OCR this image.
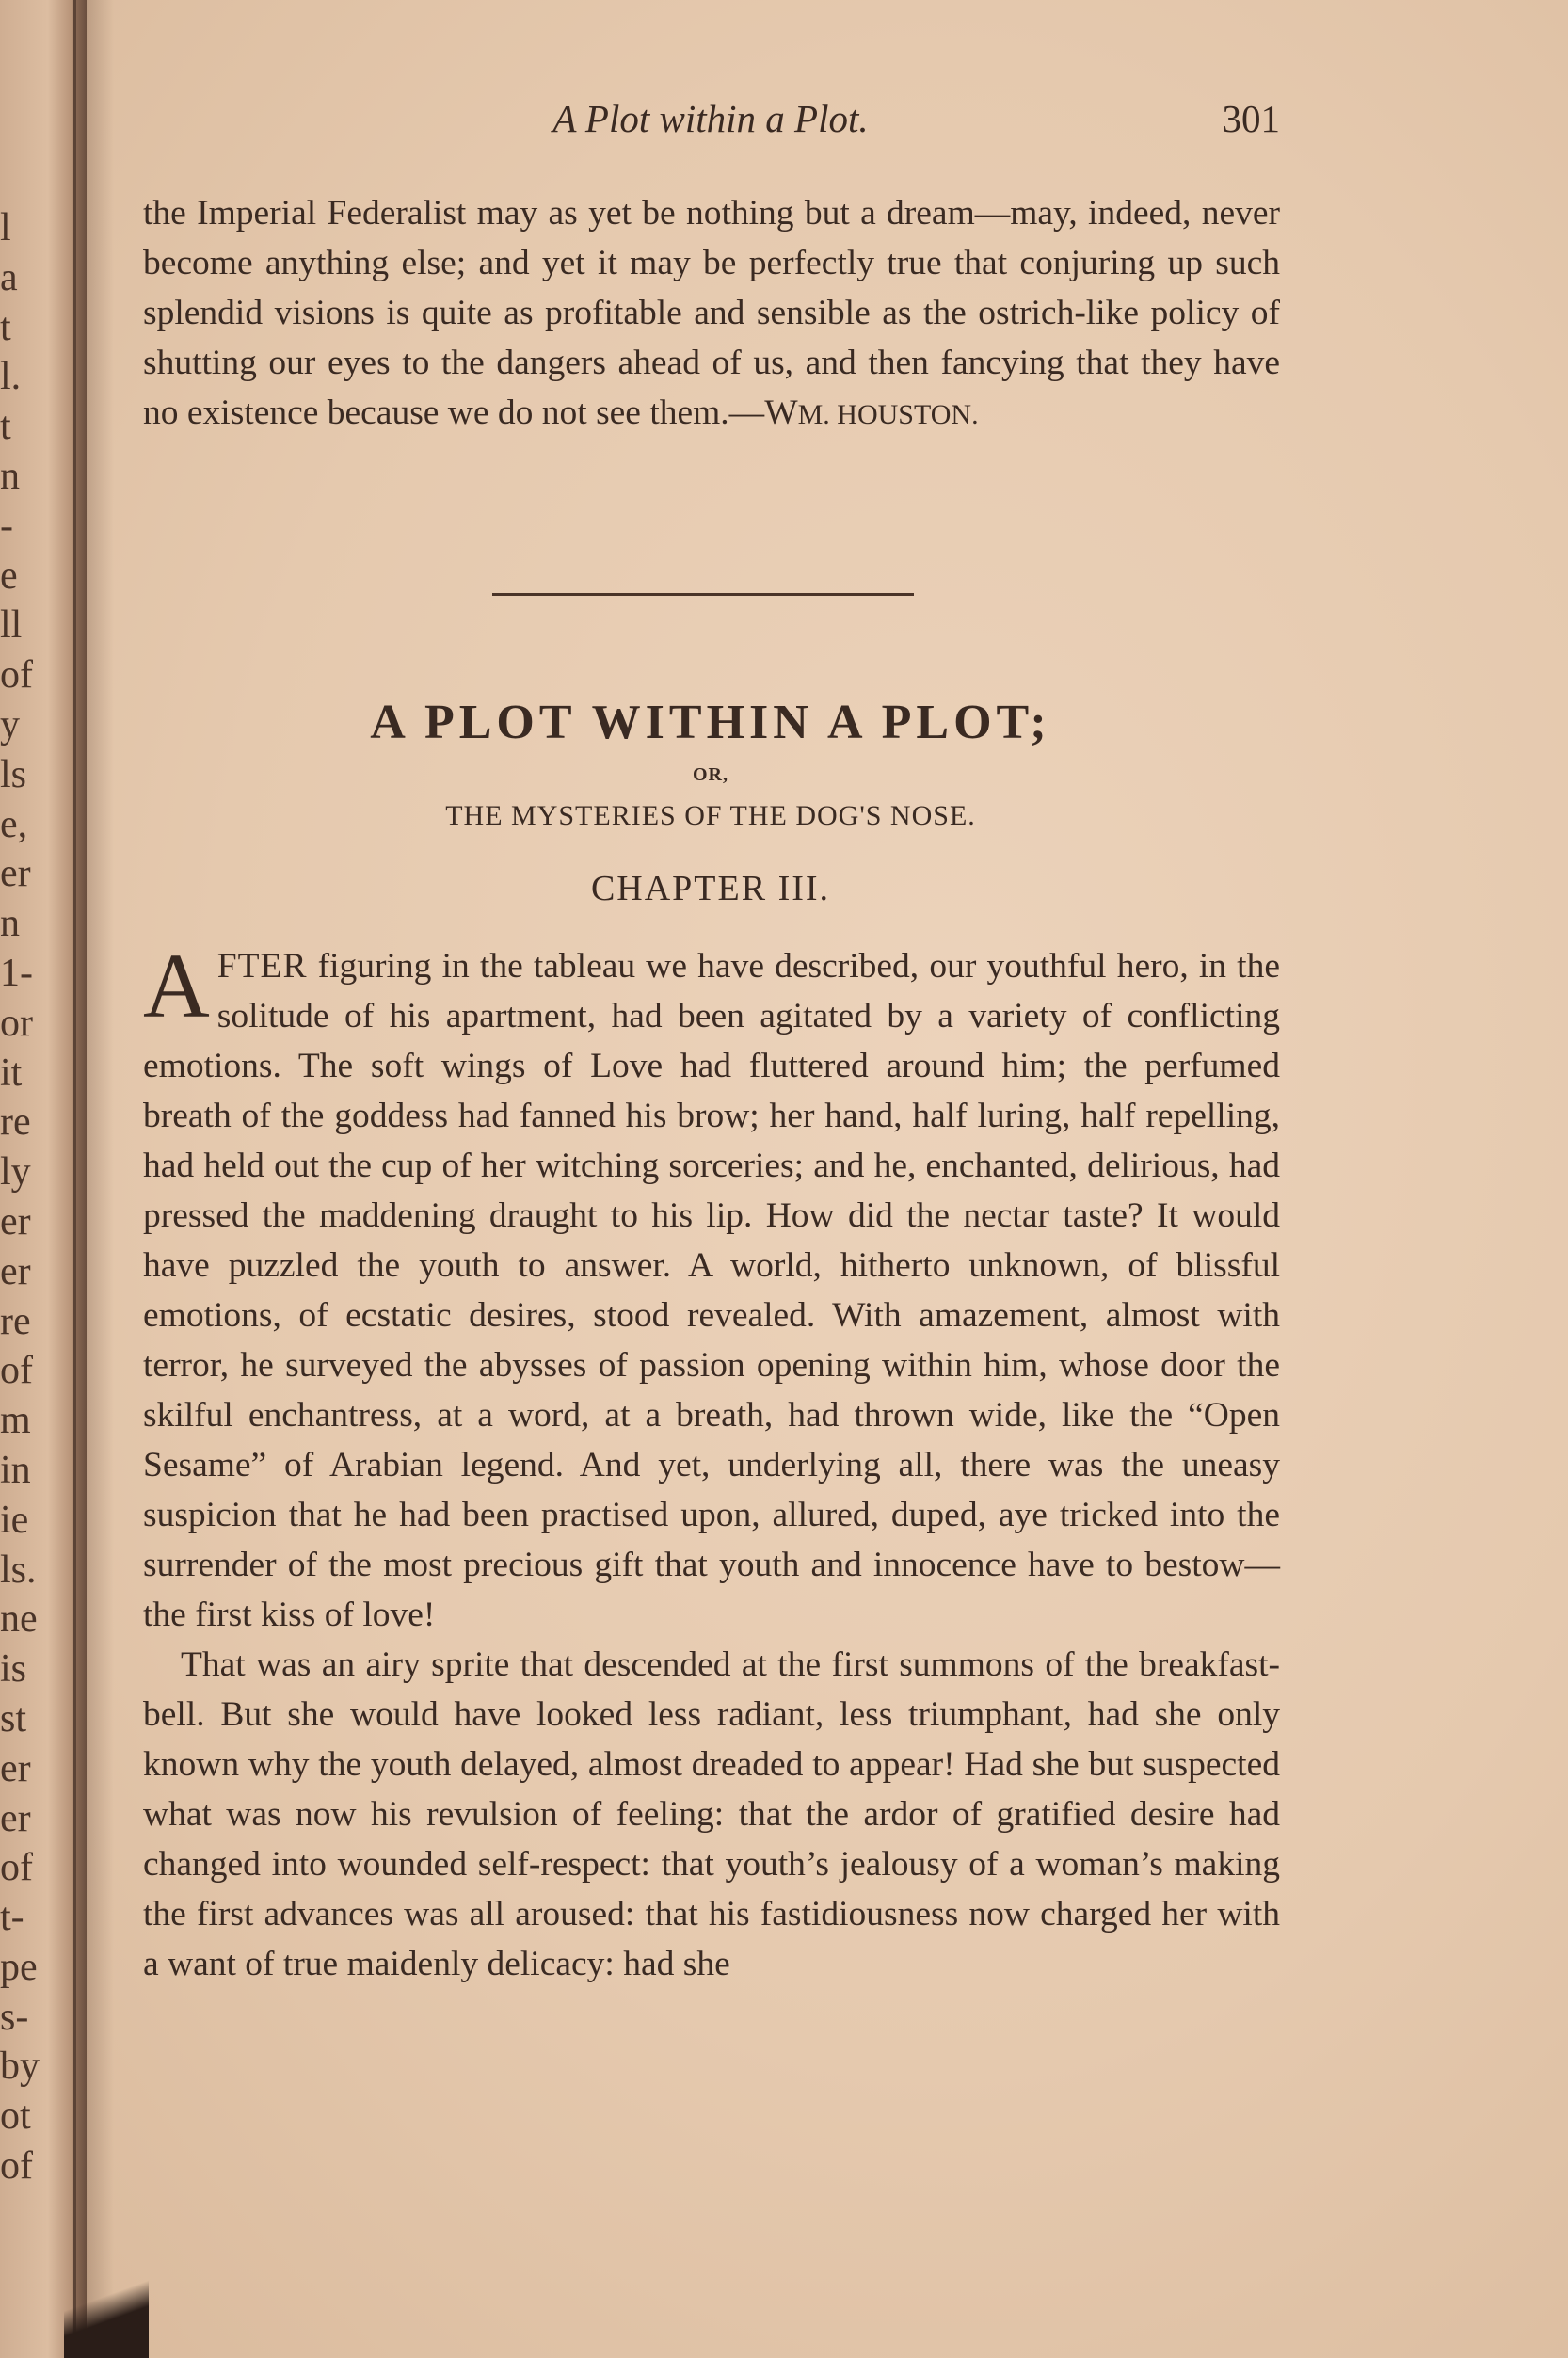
l
a
t
l.
t
n
-
e
ll
of
y
ls
e,
er
n
1-
or
it
re
ly
er
er
re
of
m
in
ie
ls.
ne
is
st
er
er
of
t-
pe
s-
by
ot
of
A Plot within a Plot.	301

the Imperial Federalist may as yet be nothing but a dream—may, indeed, never become anything else; and yet it may be perfectly true that conjuring up such splendid visions is quite as profitable and sensible as the ostrich-like policy of shutting our eyes to the dangers ahead of us, and then fancying that they have no existence because we do not see them.—WM. HOUSTON.

A PLOT WITHIN A PLOT;
OR,
THE MYSTERIES OF THE DOG'S NOSE.
CHAPTER III.

AFTER figuring in the tableau we have described, our youthful hero, in the solitude of his apartment, had been agitated by a variety of conflicting emotions. The soft wings of Love had fluttered around him; the perfumed breath of the goddess had fanned his brow; her hand, half luring, half repelling, had held out the cup of her witching sorceries; and he, enchanted, delirious, had pressed the maddening draught to his lip. How did the nectar taste? It would have puzzled the youth to answer. A world, hitherto unknown, of blissful emotions, of ecstatic desires, stood revealed. With amazement, almost with terror, he surveyed the abysses of passion opening within him, whose door the skilful enchantress, at a word, at a breath, had thrown wide, like the “Open Sesame” of Arabian legend. And yet, underlying all, there was the uneasy suspicion that he had been practised upon, allured, duped, aye tricked into the surrender of the most precious gift that youth and innocence have to bestow—the first kiss of love!

That was an airy sprite that descended at the first summons of the breakfast-bell. But she would have looked less radiant, less triumphant, had she only known why the youth delayed, almost dreaded to appear! Had she but suspected what was now his revulsion of feeling: that the ardor of gratified desire had changed into wounded self-respect: that youth’s jealousy of a woman’s making the first advances was all aroused: that his fastidiousness now charged her with a want of true maidenly delicacy: had she
